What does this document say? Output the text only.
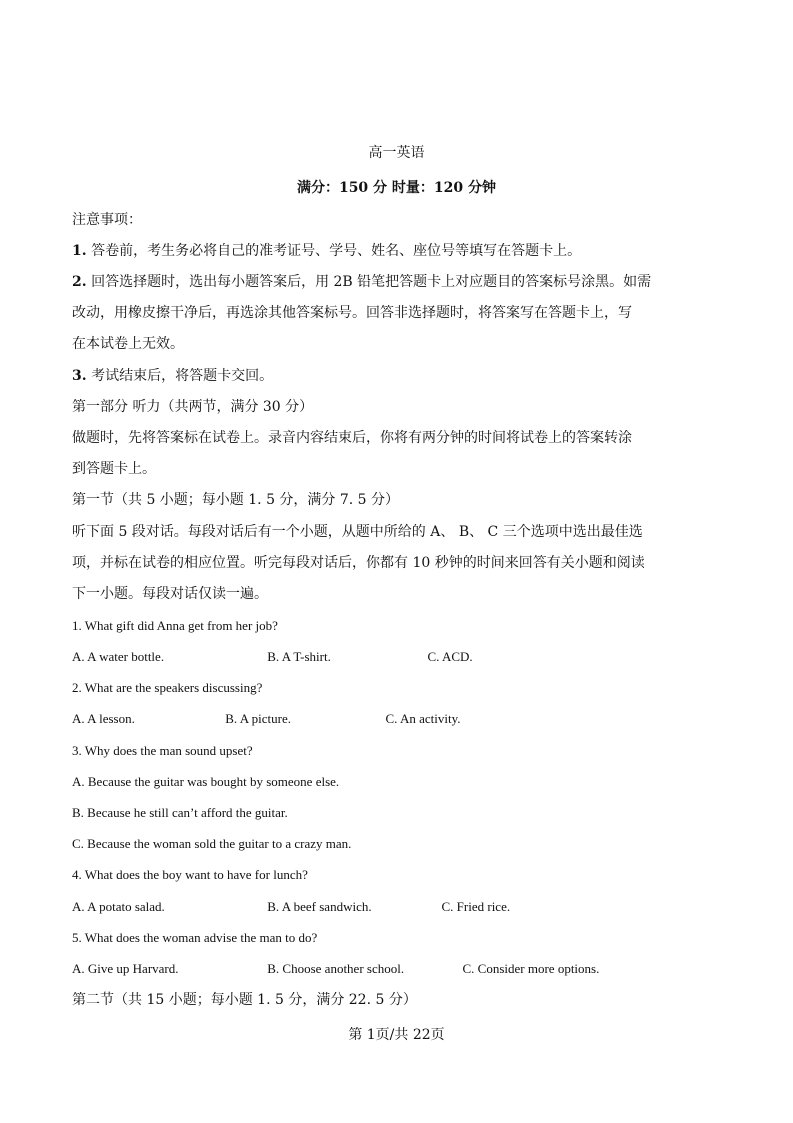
高一英语
满分：150 分 时量：120 分钟
注意事项：
1. 答卷前，考生务必将自己的准考证号、学号、姓名、座位号等填写在答题卡上。
2. 回答选择题时，选出每小题答案后，用 2B 铅笔把答题卡上对应题目的答案标号涂黑。如需
改动，用橡皮擦干净后，再选涂其他答案标号。回答非选择题时，将答案写在答题卡上，写
在本试卷上无效。
3. 考试结束后，将答题卡交回。
第一部分 听力（共两节，满分 30 分）
做题时，先将答案标在试卷上。录音内容结束后，你将有两分钟的时间将试卷上的答案转涂
到答题卡上。
第一节（共 5 小题；每小题 1. 5 分，满分 7. 5 分）
听下面 5 段对话。每段对话后有一个小题，从题中所给的 A、 B、 C 三个选项中选出最佳选
项，并标在试卷的相应位置。听完每段对话后，你都有 10 秒钟的时间来回答有关小题和阅读
下一小题。每段对话仅读一遍。
1. What gift did Anna get from her job?
A. A water bottle.	B. A T-shirt.	C. ACD.
2. What are the speakers discussing?
A. A lesson.	B. A picture.	C. An activity.
3. Why does the man sound upset?
A. Because the guitar was bought by someone else.
B. Because he still can’t afford the guitar.
C. Because the woman sold the guitar to a crazy man.
4. What does the boy want to have for lunch?
A. A potato salad.	B. A beef sandwich.	C. Fried rice.
5. What does the woman advise the man to do?
A. Give up Harvard.	B. Choose another school.	C. Consider more options.
第二节（共 15 小题；每小题 1. 5 分，满分 22. 5 分）
第 1页/共 22页
